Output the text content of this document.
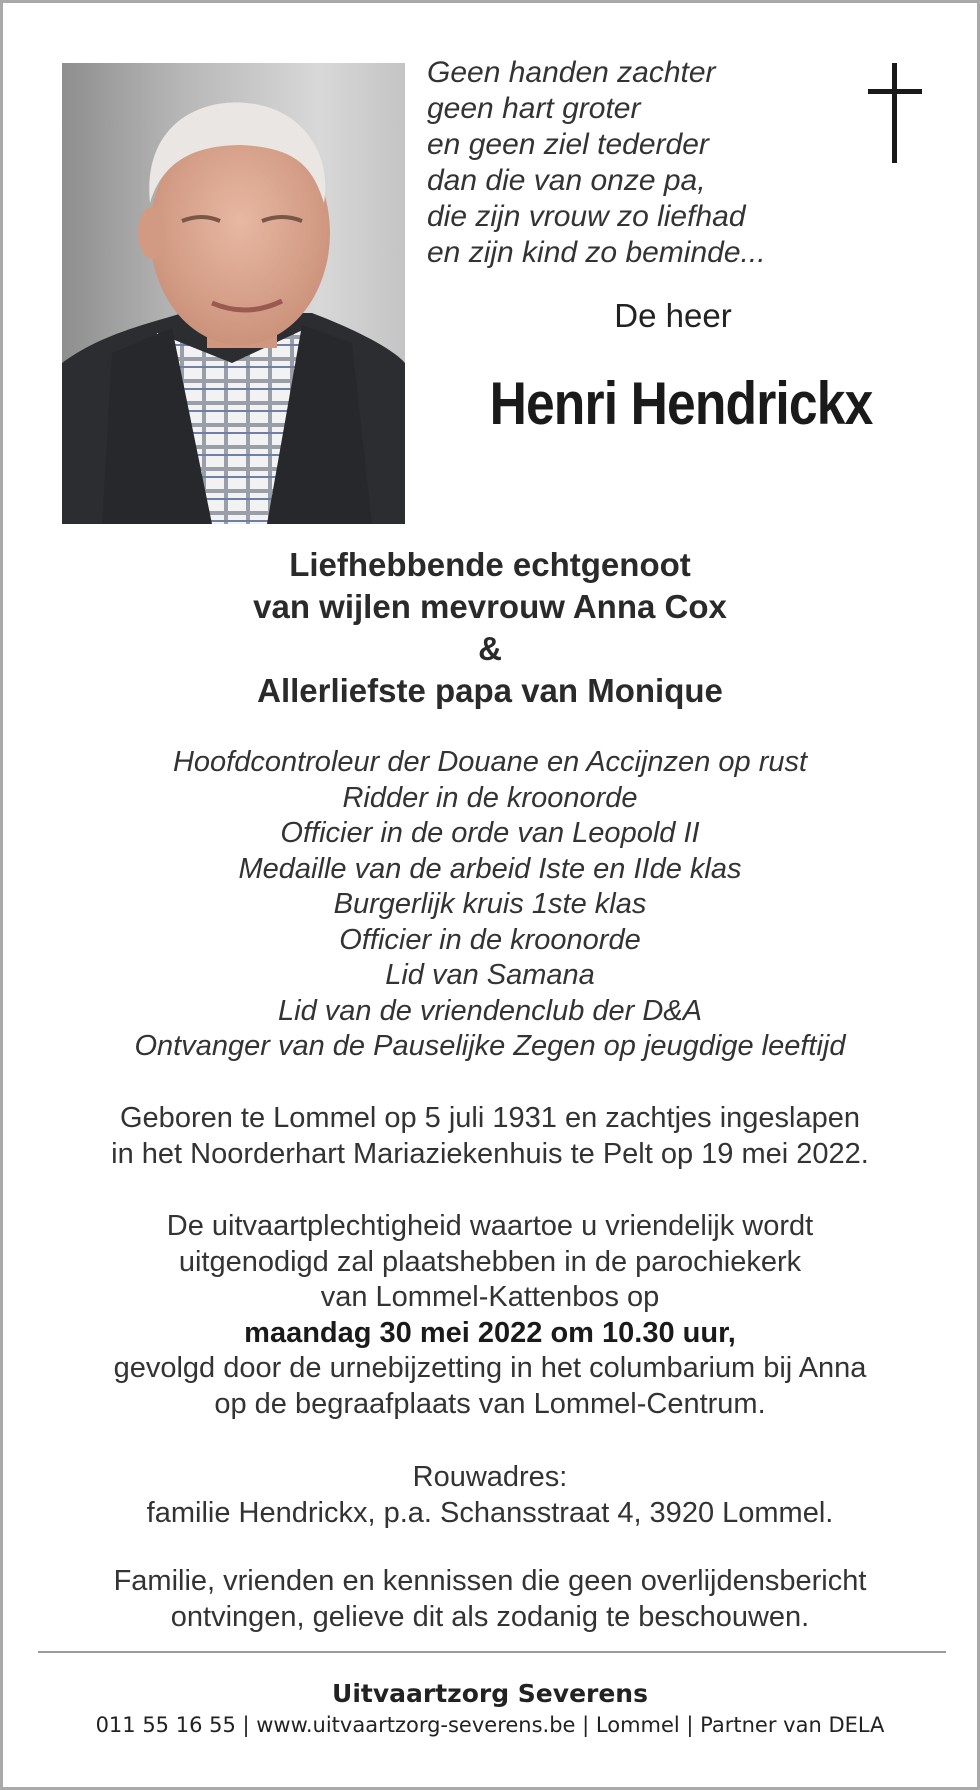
Geen handen zachter
geen hart groter
en geen ziel tederder
dan die van onze pa,
die zijn vrouw zo liefhad
en zijn kind zo beminde...
De heer
Henri Hendrickx
Liefhebbende echtgenoot
van wijlen mevrouw Anna Cox
&
Allerliefste papa van Monique
Hoofdcontroleur der Douane en Accijnzen op rust
Ridder in de kroonorde
Officier in de orde van Leopold II
Medaille van de arbeid Iste en IIde klas
Burgerlijk kruis 1ste klas
Officier in de kroonorde
Lid van Samana
Lid van de vriendenclub der D&A
Ontvanger van de Pauselijke Zegen op jeugdige leeftijd
Geboren te Lommel op 5 juli 1931 en zachtjes ingeslapen
in het Noorderhart Mariaziekenhuis te Pelt op 19 mei 2022.
De uitvaartplechtigheid waartoe u vriendelijk wordt
uitgenodigd zal plaatshebben in de parochiekerk
van Lommel-Kattenbos op
maandag 30 mei 2022 om 10.30 uur,
gevolgd door de urnebijzetting in het columbarium bij Anna
op de begraafplaats van Lommel-Centrum.
Rouwadres:
familie Hendrickx, p.a. Schansstraat 4, 3920 Lommel.
Familie, vrienden en kennissen die geen overlijdensbericht
ontvingen, gelieve dit als zodanig te beschouwen.
Uitvaartzorg Severens
011 55 16 55 | www.uitvaartzorg-severens.be | Lommel | Partner van DELA
